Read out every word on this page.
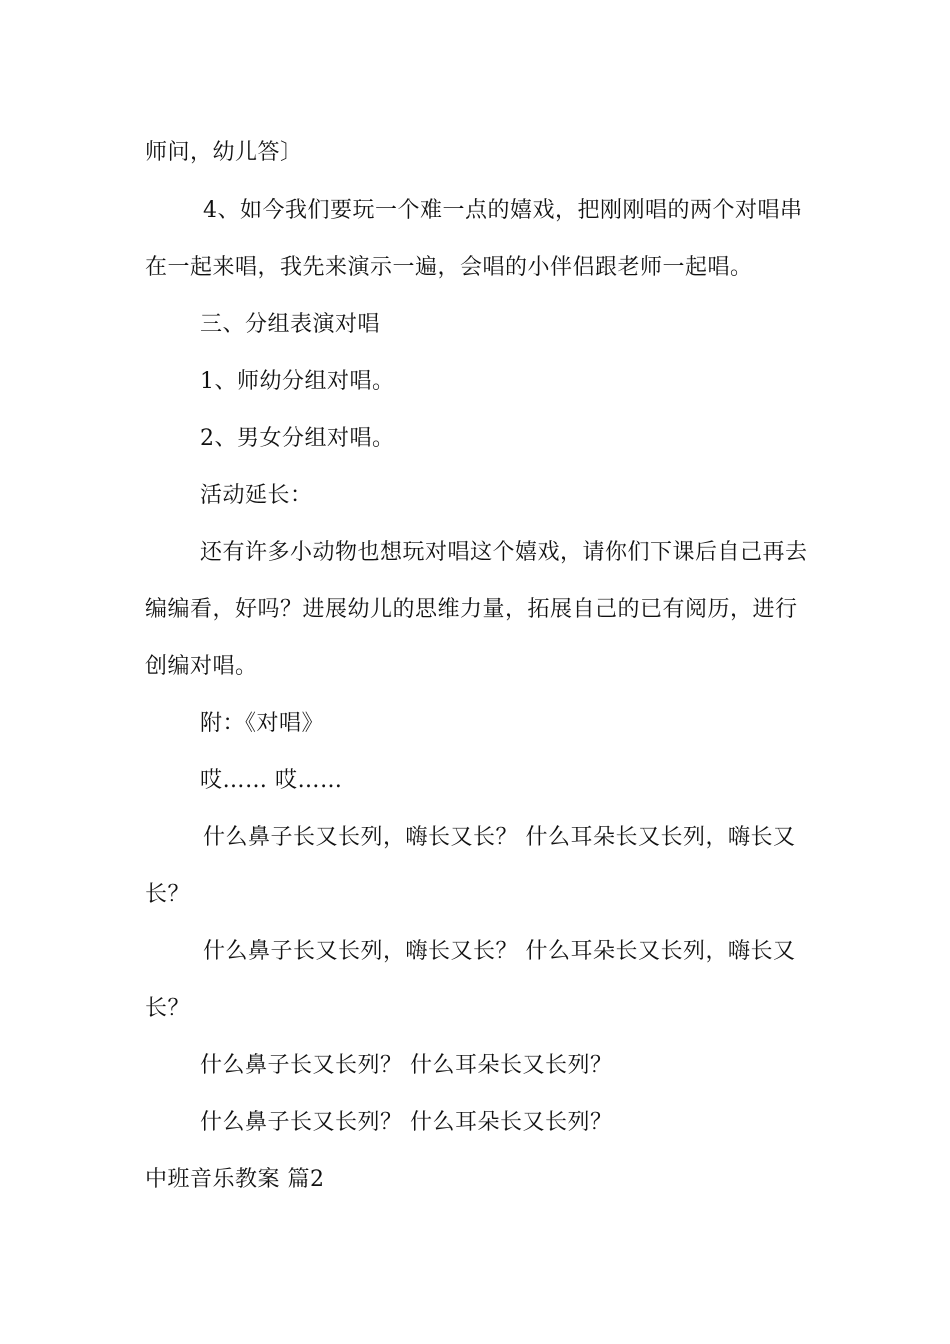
师问，幼儿答〕
4、如今我们要玩一个难一点的嬉戏，把刚刚唱的两个对唱串
在一起来唱，我先来演示一遍，会唱的小伴侣跟老师一起唱。
三、分组表演对唱
1、师幼分组对唱。
2、男女分组对唱。
活动延长：
还有许多小动物也想玩对唱这个嬉戏，请你们下课后自己再去
编编看，好吗？进展幼儿的思维力量，拓展自己的已有阅历，进行
创编对唱。
附：《对唱》
哎…… 哎……
什么鼻子长又长列，嗨长又长？ 什么耳朵长又长列，嗨长又
长？
什么鼻子长又长列，嗨长又长？ 什么耳朵长又长列，嗨长又
长？
什么鼻子长又长列？ 什么耳朵长又长列？
什么鼻子长又长列？ 什么耳朵长又长列？
中班音乐教案 篇2
